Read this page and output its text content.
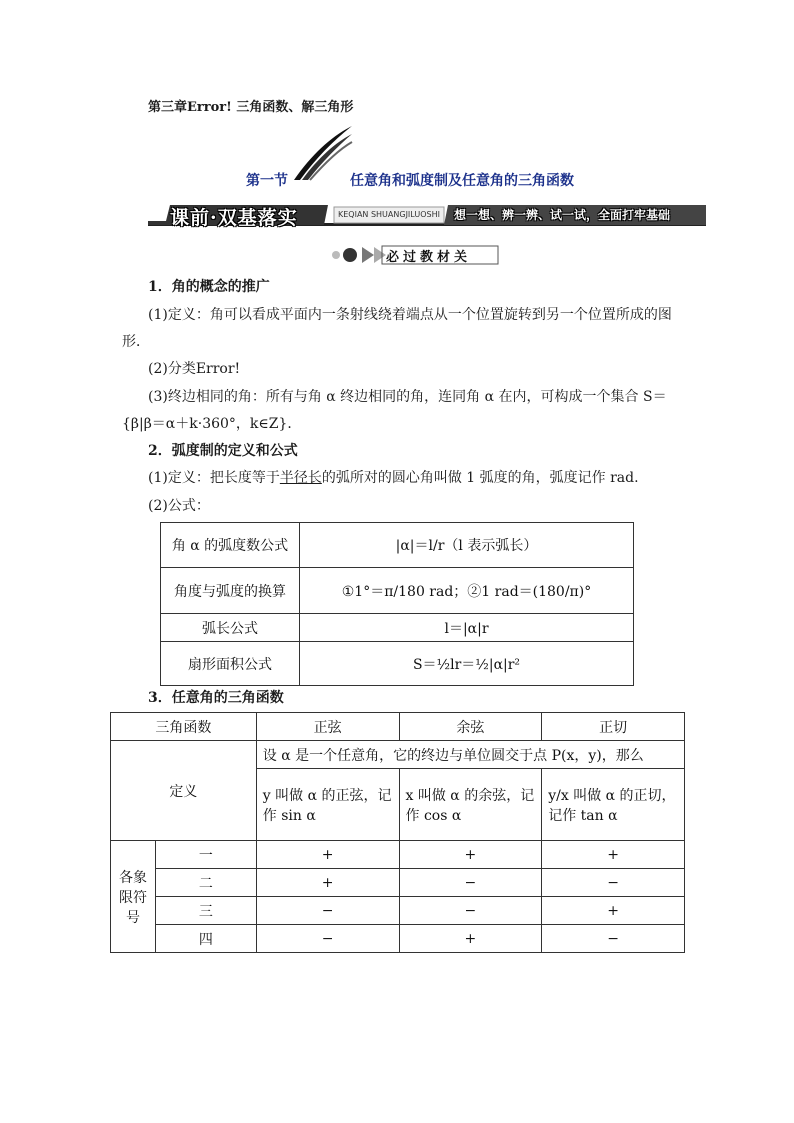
第三章Error! 三角函数、解三角形
第一节	任意角和弧度制及任意角的三角函数
课前·双基落实	KEQIAN SHUANGJILUOSHI 想一想、辨一辨、试一试，全面打牢基础
必过教材关
1．角的概念的推广
(1)定义：角可以看成平面内一条射线绕着端点从一个位置旋转到另一个位置所成的图
形．
(2)分类Error!
(3)终边相同的角：所有与角 α 终边相同的角，连同角 α 在内，可构成一个集合 S＝
{β|β＝α＋k·360°，k∈Z}．
2．弧度制的定义和公式
(1)定义：把长度等于半径长的弧所对的圆心角叫做 1 弧度的角，弧度记作 rad.
(2)公式：
角 α 的弧度数公式	|α|＝l/r（l 表示弧长）
角度与弧度的换算	①1°＝π/180 rad；②1 rad＝(180/π)°
弧长公式	l＝|α|r
扇形面积公式	S＝½lr＝½|α|r²
3．任意角的三角函数
三角函数		正弦	余弦	正切
定义		设 α 是一个任意角，它的终边与单位圆交于点 P(x，y)，那么		
		y 叫做 α 的正弦，记作 sin α	x 叫做 α 的余弦，记作 cos α	y/x 叫做 α 的正切，记作 tan α
各象限符号	一	+	+	+
	二	+	−	−
	三	−	−	+
	四	−	+	−
